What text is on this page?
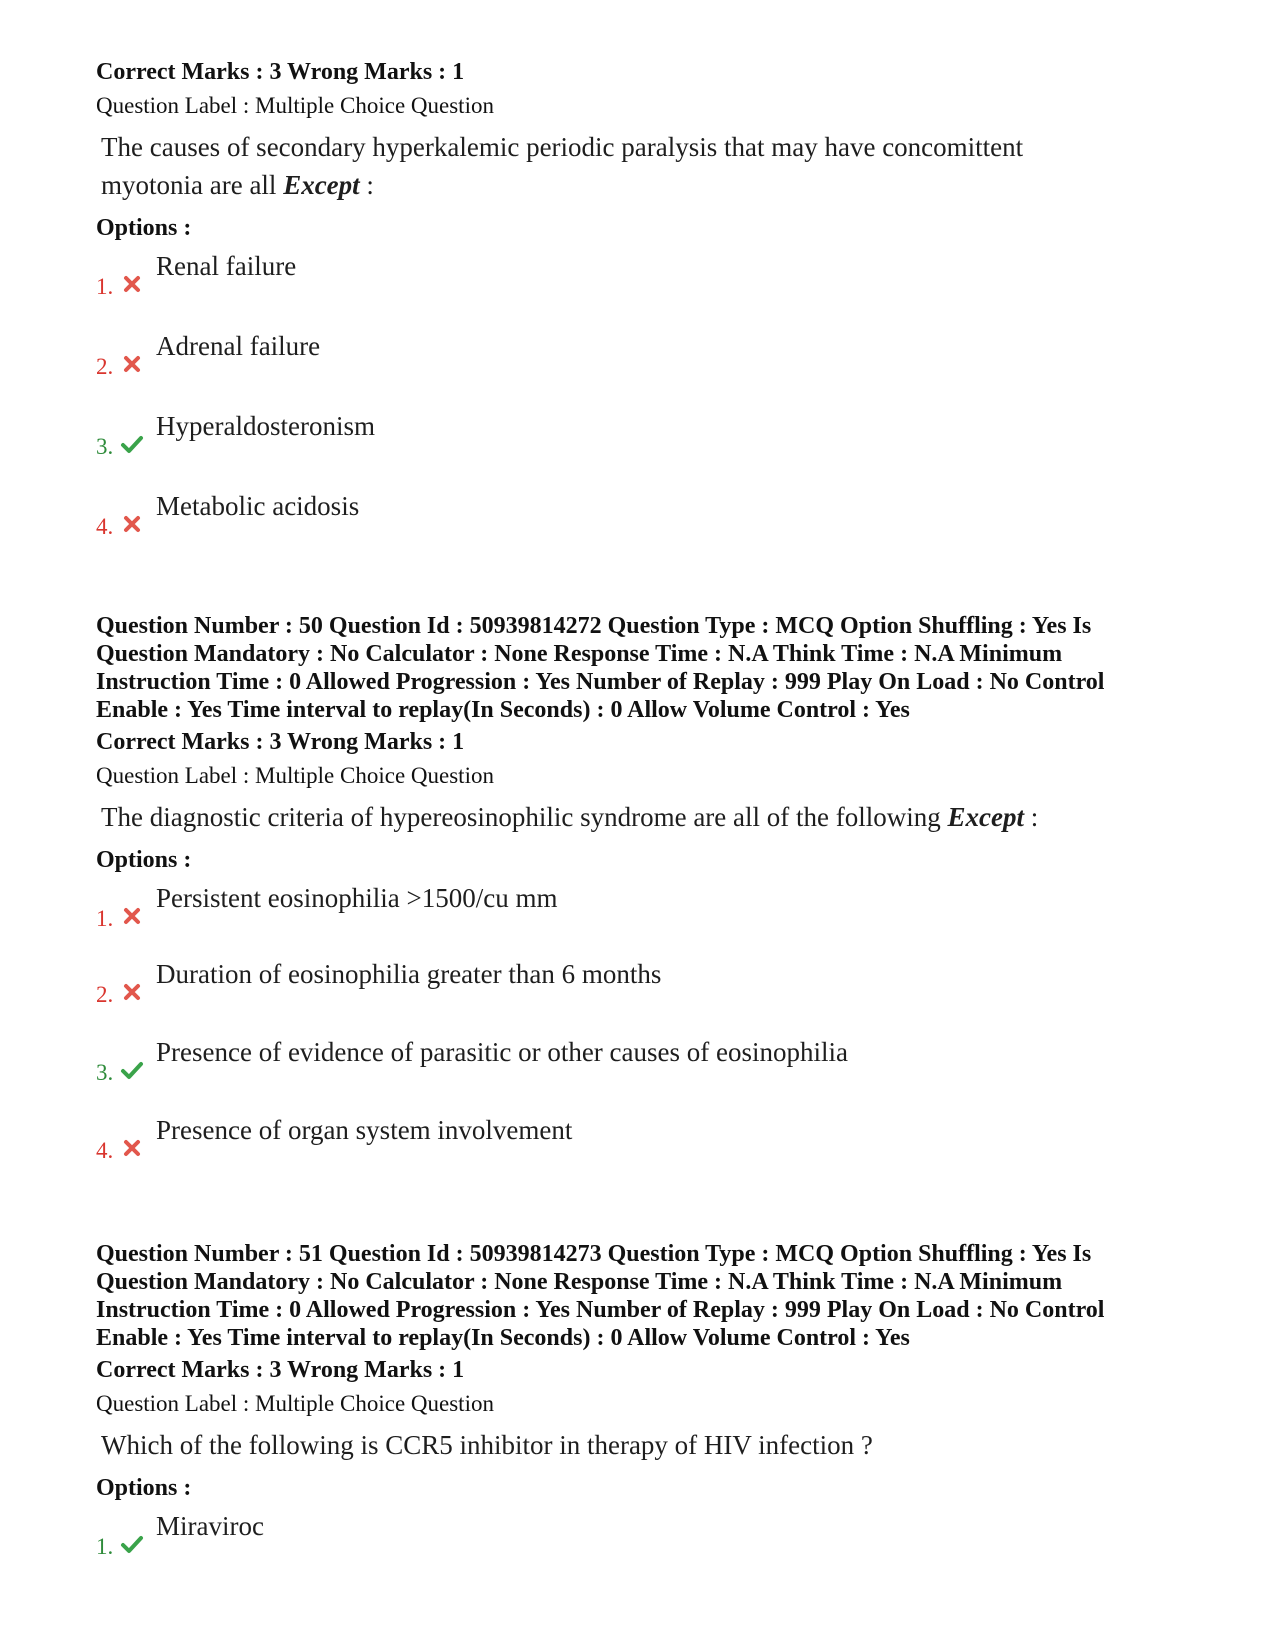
Correct Marks : 3 Wrong Marks : 1
Question Label : Multiple Choice Question
The causes of secondary hyperkalemic periodic paralysis that may have concomittent myotonia are all Except :
Options :
1.
Renal failure
2.
Adrenal failure
3.
Hyperaldosteronism
4.
Metabolic acidosis
Question Number : 50 Question Id : 50939814272 Question Type : MCQ Option Shuffling : Yes Is
Question Mandatory : No Calculator : None Response Time : N.A Think Time : N.A Minimum
Instruction Time : 0 Allowed Progression : Yes Number of Replay : 999 Play On Load : No Control
Enable : Yes Time interval to replay(In Seconds) : 0 Allow Volume Control : Yes
Correct Marks : 3 Wrong Marks : 1
Question Label : Multiple Choice Question
The diagnostic criteria of hypereosinophilic syndrome are all of the following Except :
Options :
1.
Persistent eosinophilia >1500/cu mm
2.
Duration of eosinophilia greater than 6 months
3.
Presence of evidence of parasitic or other causes of eosinophilia
4.
Presence of organ system involvement
Question Number : 51 Question Id : 50939814273 Question Type : MCQ Option Shuffling : Yes Is
Question Mandatory : No Calculator : None Response Time : N.A Think Time : N.A Minimum
Instruction Time : 0 Allowed Progression : Yes Number of Replay : 999 Play On Load : No Control
Enable : Yes Time interval to replay(In Seconds) : 0 Allow Volume Control : Yes
Correct Marks : 3 Wrong Marks : 1
Question Label : Multiple Choice Question
Which of the following is CCR5 inhibitor in therapy of HIV infection ?
Options :
1.
Miraviroc
